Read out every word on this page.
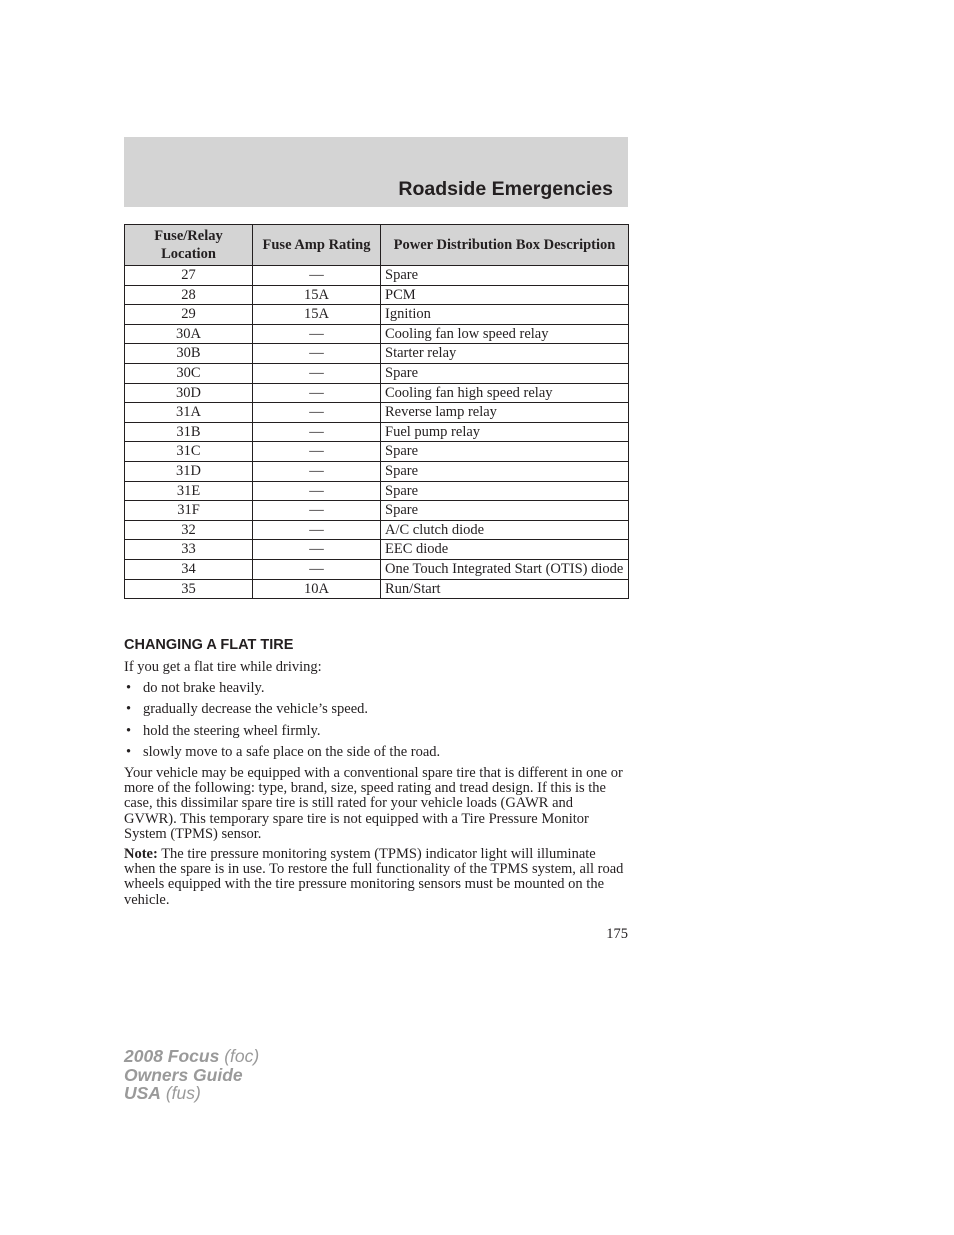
Roadside Emergencies
Fuse/Relay Location	Fuse Amp Rating	Power Distribution Box Description
27	—	Spare
28	15A	PCM
29	15A	Ignition
30A	—	Cooling fan low speed relay
30B	—	Starter relay
30C	—	Spare
30D	—	Cooling fan high speed relay
31A	—	Reverse lamp relay
31B	—	Fuel pump relay
31C	—	Spare
31D	—	Spare
31E	—	Spare
31F	—	Spare
32	—	A/C clutch diode
33	—	EEC diode
34	—	One Touch Integrated Start (OTIS) diode
35	10A	Run/Start
CHANGING A FLAT TIRE

If you get a flat tire while driving:

• do not brake heavily.
• gradually decrease the vehicle’s speed.
• hold the steering wheel firmly.
• slowly move to a safe place on the side of the road.

Your vehicle may be equipped with a conventional spare tire that is different in one or more of the following: type, brand, size, speed rating and tread design. If this is the case, this dissimilar spare tire is still rated for your vehicle loads (GAWR and GVWR). This temporary spare tire is not equipped with a Tire Pressure Monitor System (TPMS) sensor.

Note: The tire pressure monitoring system (TPMS) indicator light will illuminate when the spare is in use. To restore the full functionality of the TPMS system, all road wheels equipped with the tire pressure monitoring sensors must be mounted on the vehicle.

175
2008 Focus (foc)
Owners Guide
USA (fus)
